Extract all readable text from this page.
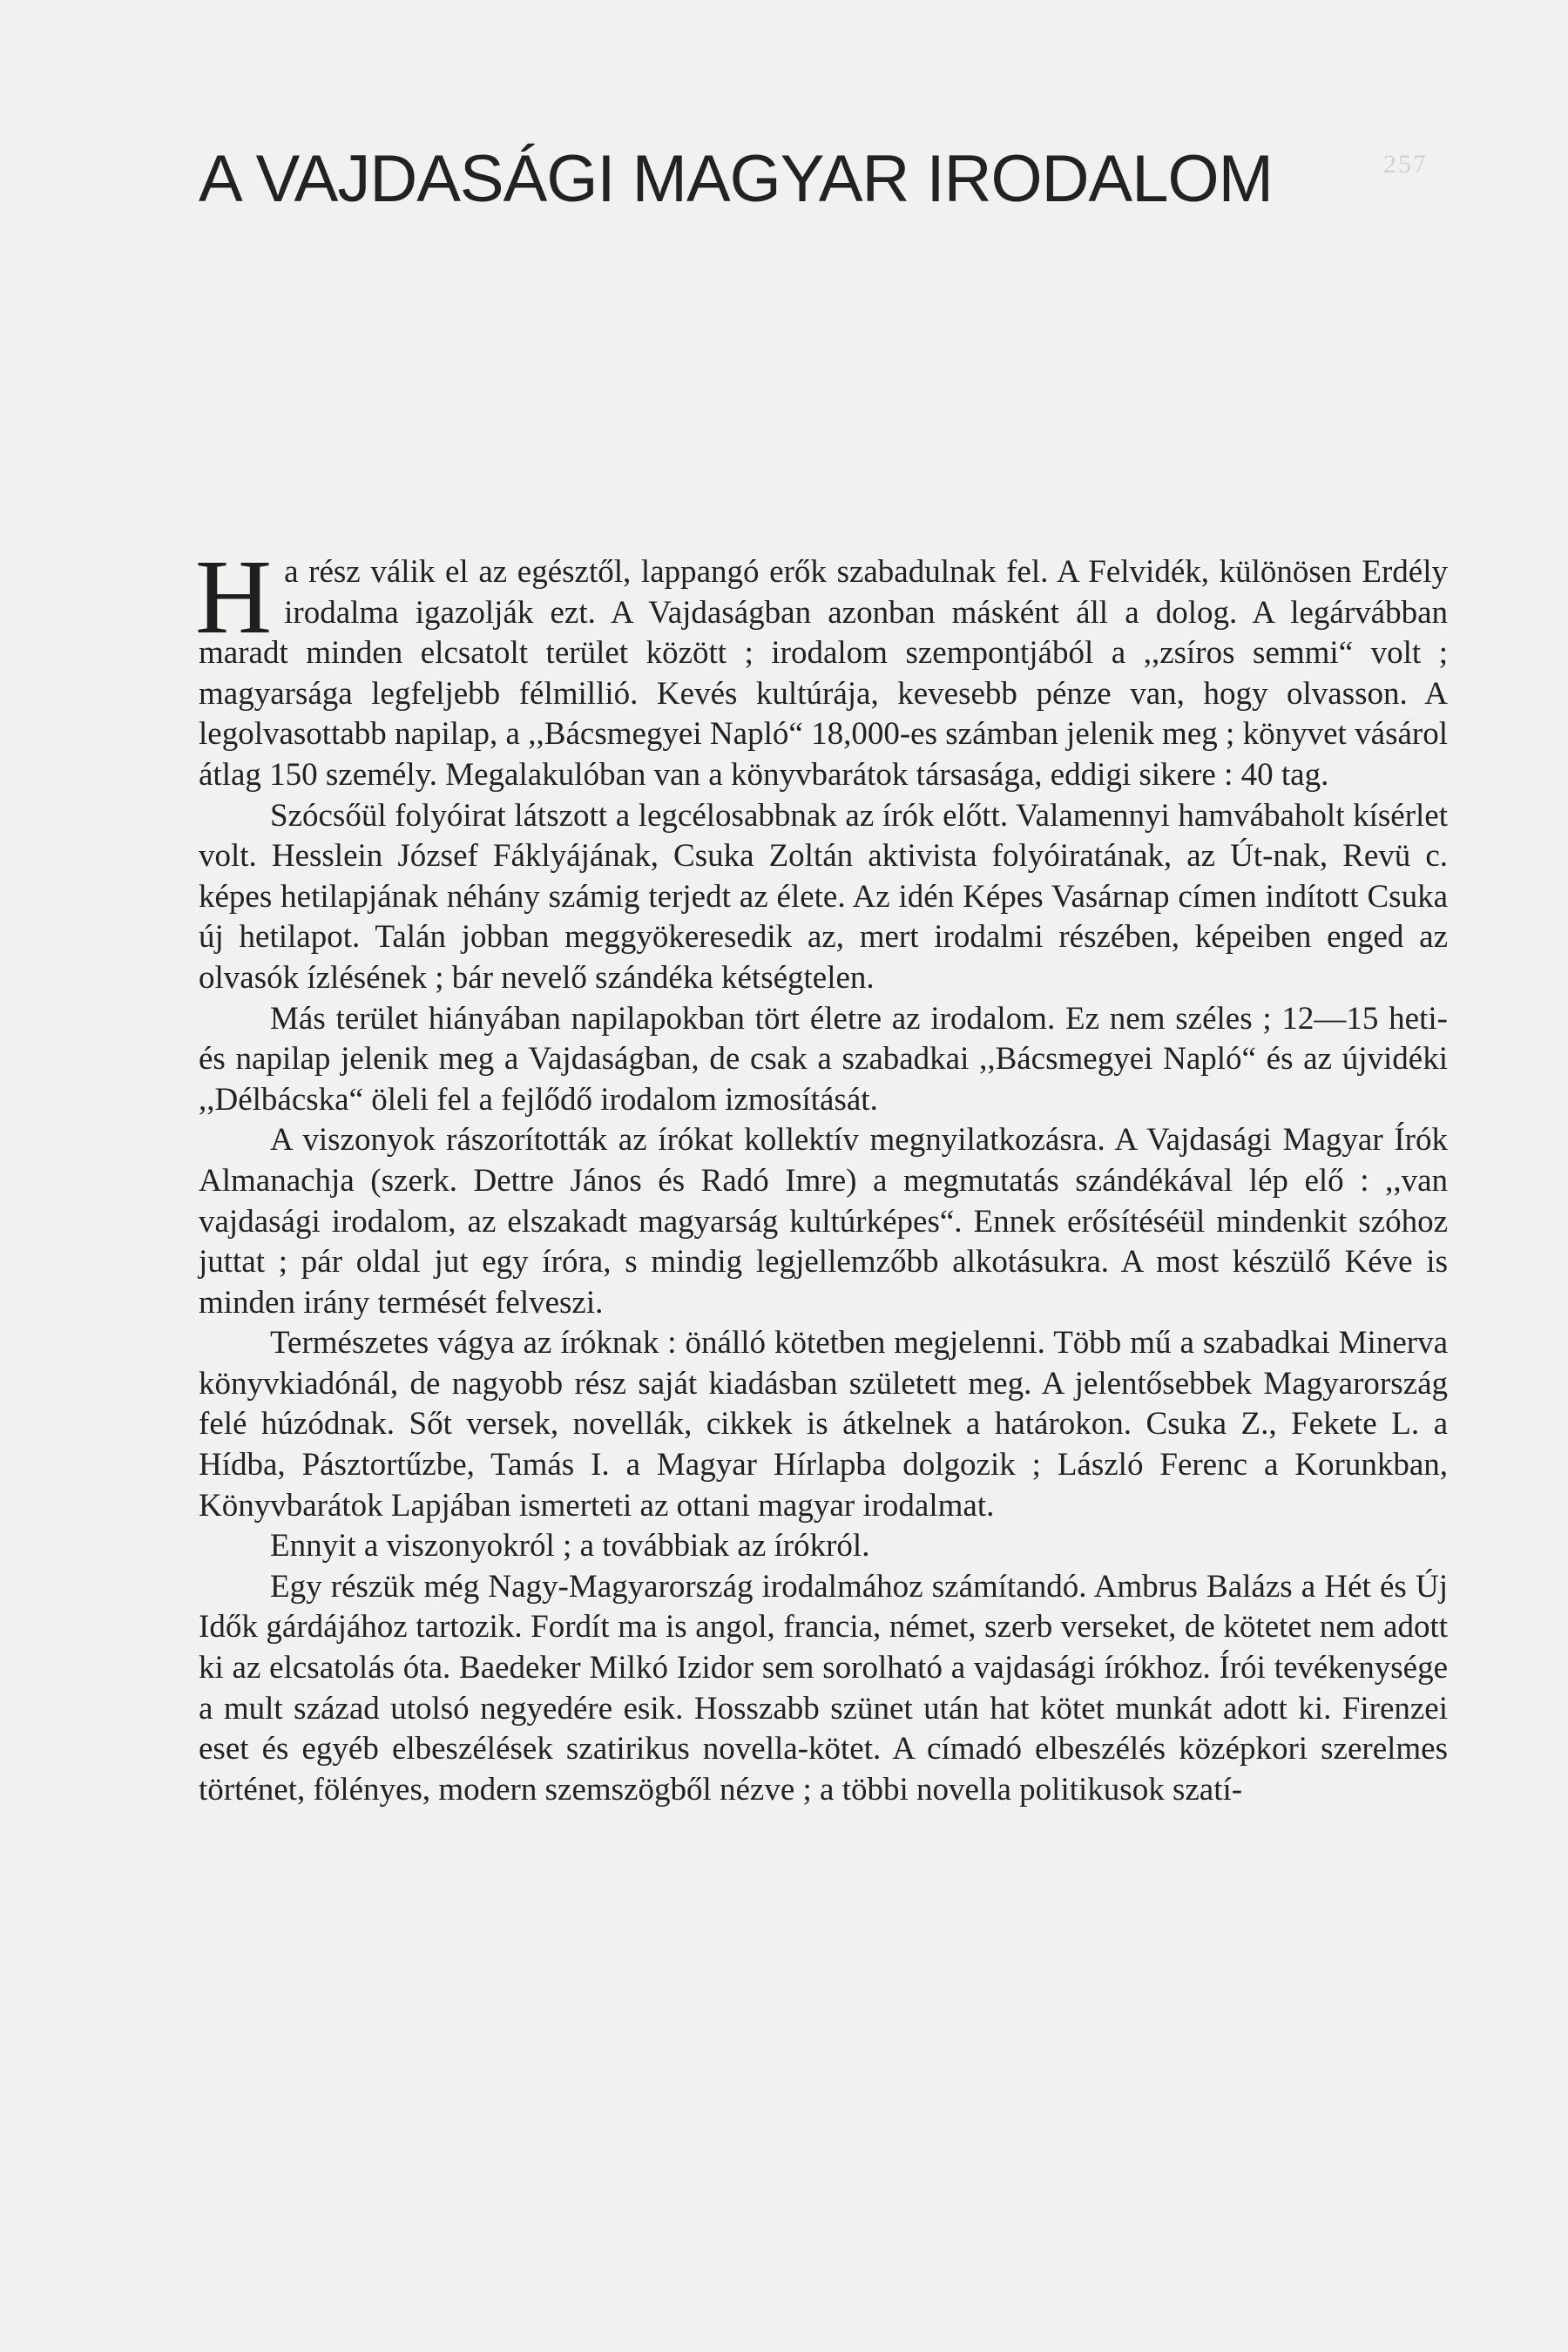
257
A VAJDASÁGI MAGYAR IRODALOM

Ha rész válik el az egésztől, lappangó erők szabadulnak fel. A Felvidék, különösen Erdély irodalma igazolják ezt. A Vajdaságban azonban másként áll a dolog. A legárvábban maradt minden elcsatolt terület között ; irodalom szempontjából a ,,zsíros semmi“ volt ; magyarsága legfeljebb félmillió. Kevés kultúrája, kevesebb pénze van, hogy olvasson. A legolvasottabb napilap, a ,,Bácsmegyei Napló“ 18,000-es számban jelenik meg ; könyvet vásárol átlag 150 személy. Megalakulóban van a könyvbarátok társasága, eddigi sikere : 40 tag.

Szócsőül folyóirat látszott a legcélosabbnak az írók előtt. Valamennyi hamvábaholt kísérlet volt. Hesslein József Fáklyájának, Csuka Zoltán aktivista folyóiratának, az Út-nak, Revü c. képes hetilapjának néhány számig terjedt az élete. Az idén Képes Vasárnap címen indított Csuka új hetilapot. Talán jobban meggyökeresedik az, mert irodalmi részében, képeiben enged az olvasók ízlésének ; bár nevelő szándéka kétségtelen.

Más terület hiányában napilapokban tört életre az irodalom. Ez nem széles ; 12—15 heti- és napilap jelenik meg a Vajdaságban, de csak a szabadkai ,,Bácsmegyei Napló“ és az újvidéki ,,Délbácska“ öleli fel a fejlődő irodalom izmosítását.

A viszonyok rászorították az írókat kollektív megnyilatkozásra. A Vajdasági Magyar Írók Almanachja (szerk. Dettre János és Radó Imre) a megmutatás szándékával lép elő : ,,van vajdasági irodalom, az elszakadt magyarság kultúrképes“. Ennek erősítéséül mindenkit szóhoz juttat ; pár oldal jut egy íróra, s mindig legjellemzőbb alkotásukra. A most készülő Kéve is minden irány termését felveszi.

Természetes vágya az íróknak : önálló kötetben megjelenni. Több mű a szabadkai Minerva könyvkiadónál, de nagyobb rész saját kiadásban született meg. A jelentősebbek Magyarország felé húzódnak. Sőt versek, novellák, cikkek is átkelnek a határokon. Csuka Z., Fekete L. a Hídba, Pásztortűzbe, Tamás I. a Magyar Hírlapba dolgozik ; László Ferenc a Korunkban, Könyvbarátok Lapjában ismerteti az ottani magyar irodalmat.

Ennyit a viszonyokról ; a továbbiak az írókról.

Egy részük még Nagy-Magyarország irodalmához számítandó. Ambrus Balázs a Hét és Új Idők gárdájához tartozik. Fordít ma is angol, francia, német, szerb verseket, de kötetet nem adott ki az elcsatolás óta. Baedeker Milkó Izidor sem sorolható a vajdasági írókhoz. Írói tevékenysége a mult század utolsó negyedére esik. Hosszabb szünet után hat kötet munkát adott ki. Firenzei eset és egyéb elbeszélések szatirikus novella-kötet. A címadó elbeszélés középkori szerelmes történet, fölényes, modern szemszögből nézve ; a többi novella politikusok szatí-
